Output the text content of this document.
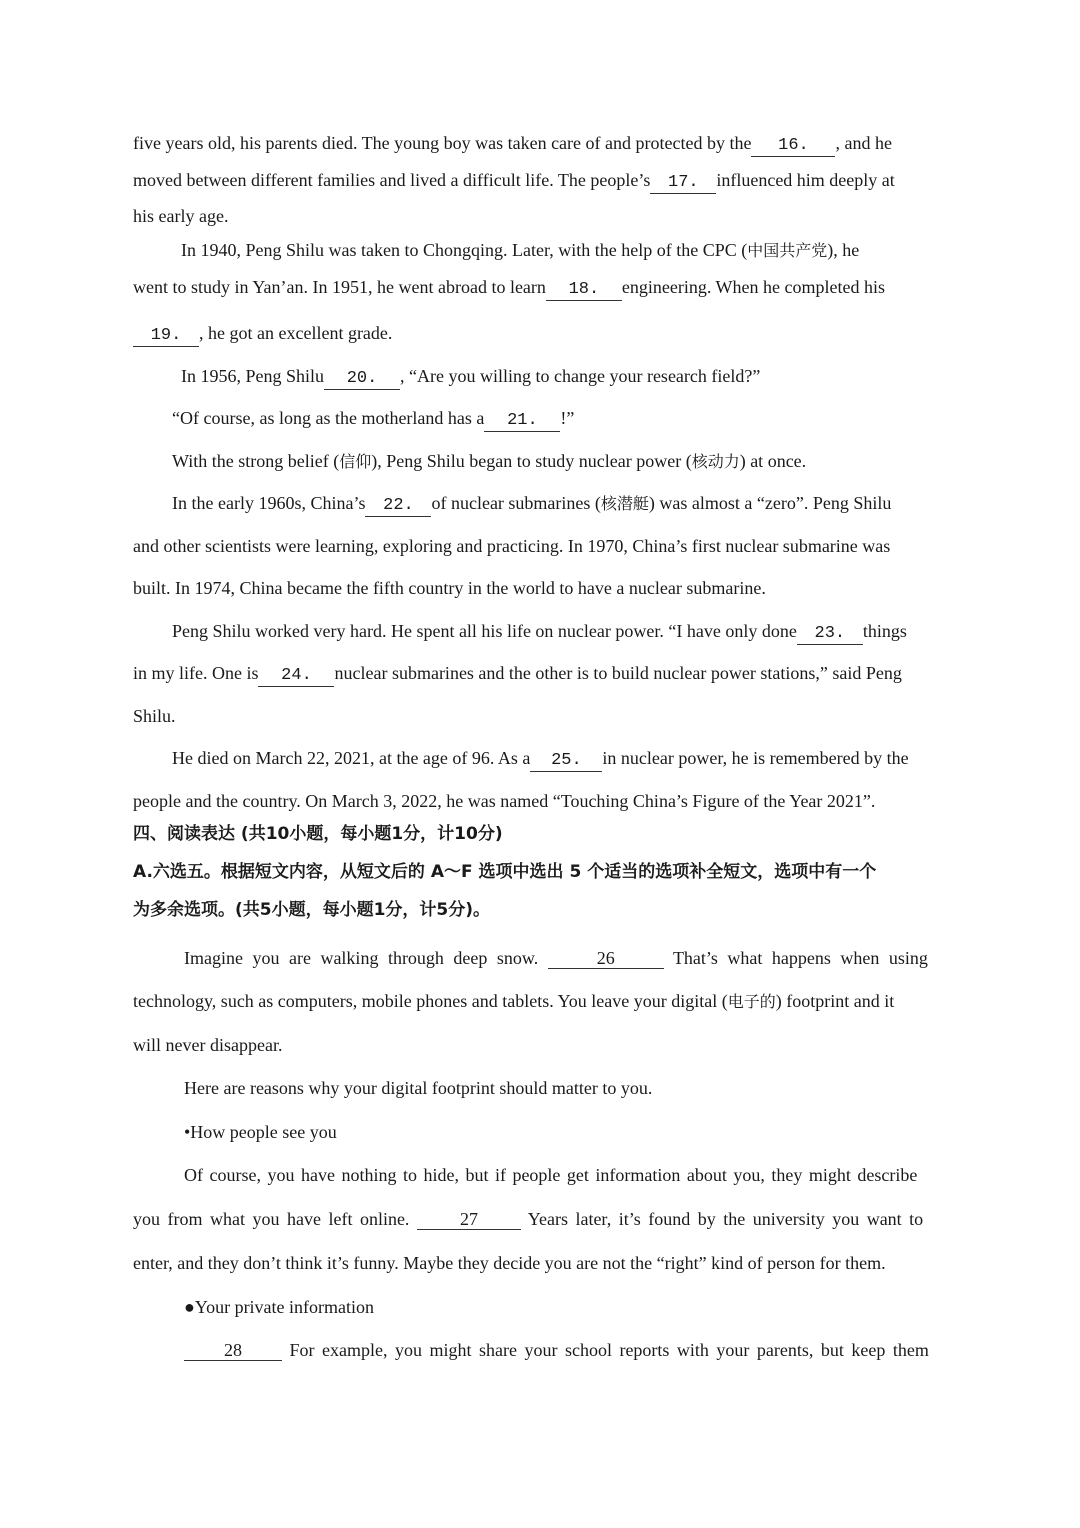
five years old, his parents died. The young boy was taken care of and protected by the 16. , and he
moved between different families and lived a difficult life. The people’s 17. influenced him deeply at
his early age.
In 1940, Peng Shilu was taken to Chongqing. Later, with the help of the CPC (中国共产党), he
went to study in Yan’an. In 1951, he went abroad to learn 18. engineering. When he completed his
19. , he got an excellent grade.
In 1956, Peng Shilu 20. , “Are you willing to change your research field?”
“Of course, as long as the motherland has a 21. !”
With the strong belief (信仰), Peng Shilu began to study nuclear power (核动力) at once.
In the early 1960s, China’s 22. of nuclear submarines (核潜艇) was almost a “zero”. Peng Shilu
and other scientists were learning, exploring and practicing. In 1970, China’s first nuclear submarine was
built. In 1974, China became the fifth country in the world to have a nuclear submarine.
Peng Shilu worked very hard. He spent all his life on nuclear power. “I have only done 23. things
in my life. One is 24. nuclear submarines and the other is to build nuclear power stations,” said Peng
Shilu.
He died on March 22, 2021, at the age of 96. As a 25. in nuclear power, he is remembered by the
people and the country. On March 3, 2022, he was named “Touching China’s Figure of the Year 2021”.
四、阅读表达 (共10小题，每小题1分，计10分)
A.六选五。根据短文内容，从短文后的 A～F 选项中选出 5 个适当的选项补全短文，选项中有一个
为多余选项。(共5小题，每小题1分，计5分)。
Imagine you are walking through deep snow.	26	That’s what happens when using
technology, such as computers, mobile phones and tablets. You leave your digital (电子的) footprint and it
will never disappear.
Here are reasons why your digital footprint should matter to you.
•How people see you
Of course, you have nothing to hide, but if people get information about you, they might describe
you from what you have left online.	27	Years later, it’s found by the university you want to
enter, and they don’t think it’s funny. Maybe they decide you are not the “right” kind of person for them.
●Your private information
28	For example, you might share your school reports with your parents, but keep them
